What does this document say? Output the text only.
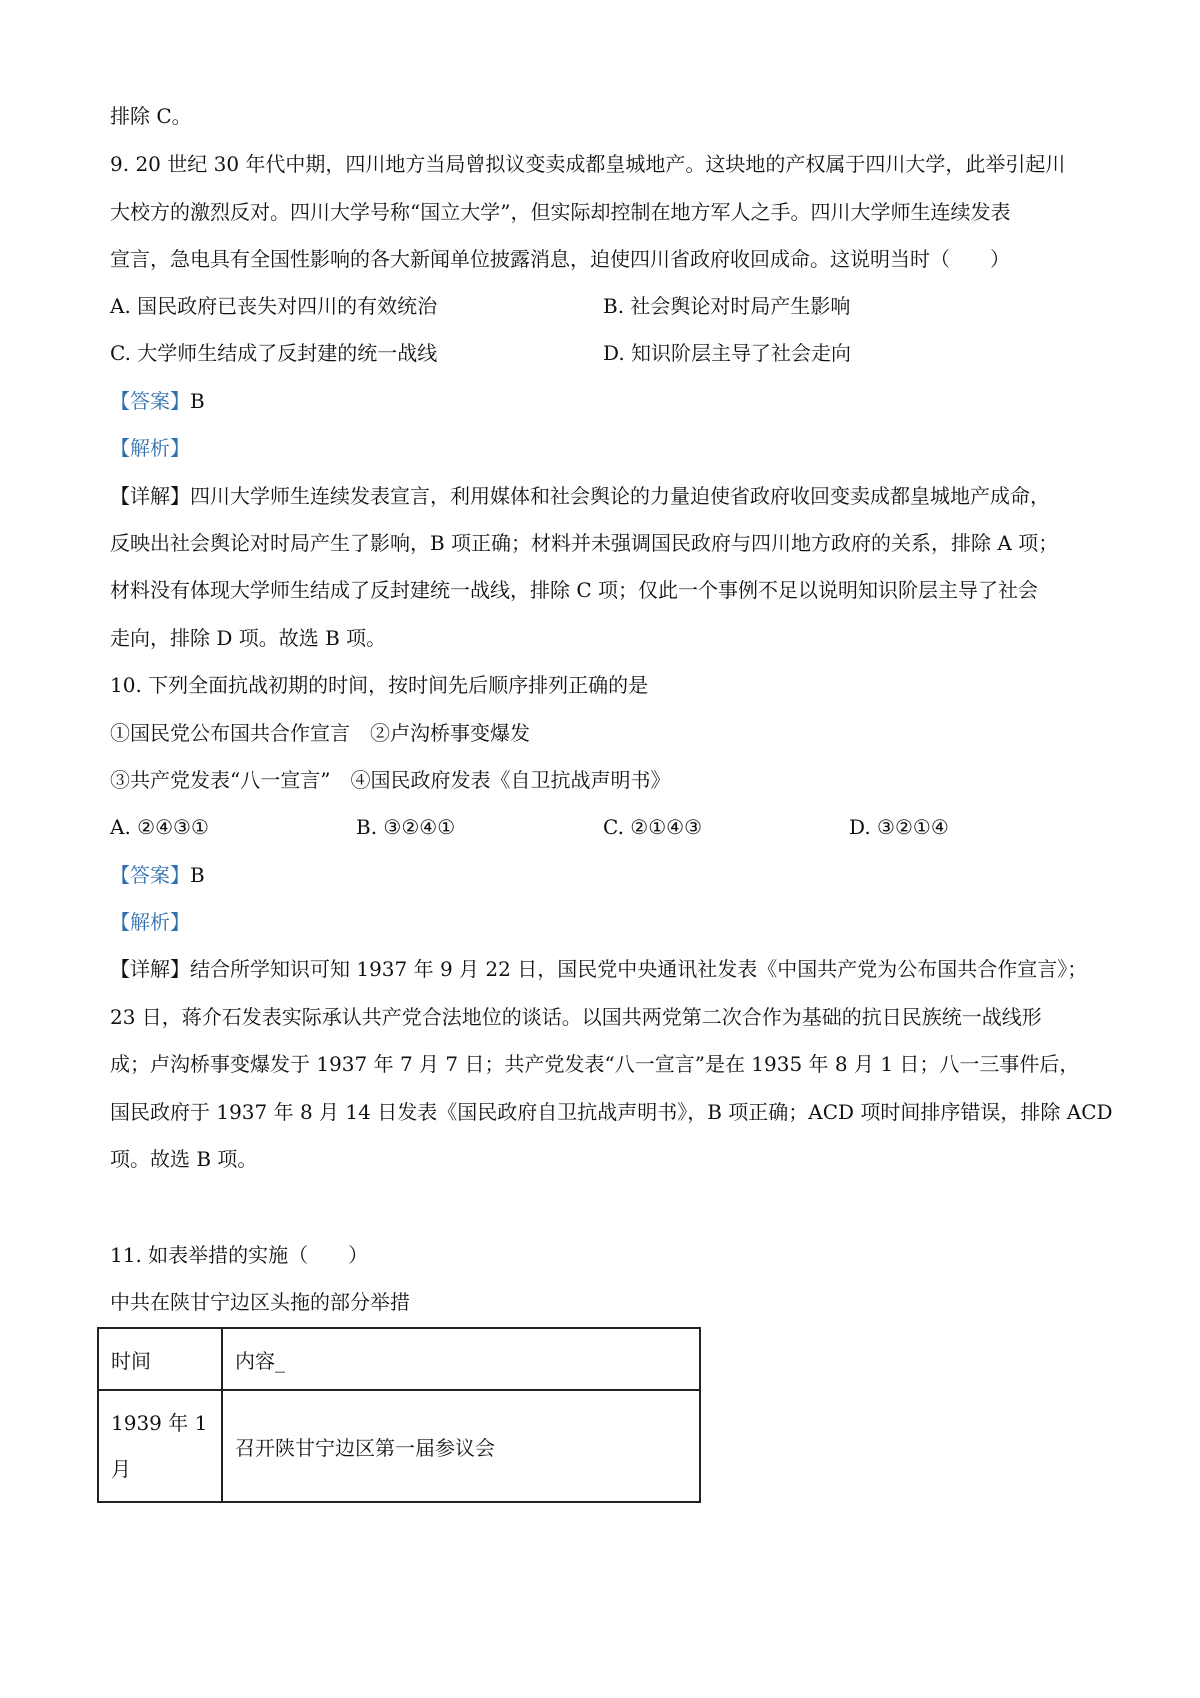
排除 C。
9. 20 世纪 30 年代中期，四川地方当局曾拟议变卖成都皇城地产。这块地的产权属于四川大学，此举引起川
大校方的激烈反对。四川大学号称“国立大学”，但实际却控制在地方军人之手。四川大学师生连续发表
宣言，急电具有全国性影响的各大新闻单位披露消息，迫使四川省政府收回成命。这说明当时（　　）
A. 国民政府已丧失对四川的有效统治	B. 社会舆论对时局产生影响
C. 大学师生结成了反封建的统一战线	D. 知识阶层主导了社会走向
【答案】B
【解析】
【详解】四川大学师生连续发表宣言，利用媒体和社会舆论的力量迫使省政府收回变卖成都皇城地产成命，
反映出社会舆论对时局产生了影响，B 项正确；材料并未强调国民政府与四川地方政府的关系，排除 A 项；
材料没有体现大学师生结成了反封建统一战线，排除 C 项；仅此一个事例不足以说明知识阶层主导了社会
走向，排除 D 项。故选 B 项。
10. 下列全面抗战初期的时间，按时间先后顺序排列正确的是
①国民党公布国共合作宣言　②卢沟桥事变爆发
③共产党发表“八一宣言”　④国民政府发表《自卫抗战声明书》
A. ②④③①	B. ③②④①	C. ②①④③	D. ③②①④
【答案】B
【解析】
【详解】结合所学知识可知 1937 年 9 月 22 日，国民党中央通讯社发表《中国共产党为公布国共合作宣言》；
23 日，蒋介石发表实际承认共产党合法地位的谈话。以国共两党第二次合作为基础的抗日民族统一战线形
成；卢沟桥事变爆发于 1937 年 7 月 7 日；共产党发表“八一宣言”是在 1935 年 8 月 1 日；八一三事件后，
国民政府于 1937 年 8 月 14 日发表《国民政府自卫抗战声明书》，B 项正确；ACD 项时间排序错误，排除 ACD
项。故选 B 项。
11. 如表举措的实施（　　）
中共在陕甘宁边区头拖的部分举措
时间	内容_
1939 年 1
月	召开陕甘宁边区第一届参议会
